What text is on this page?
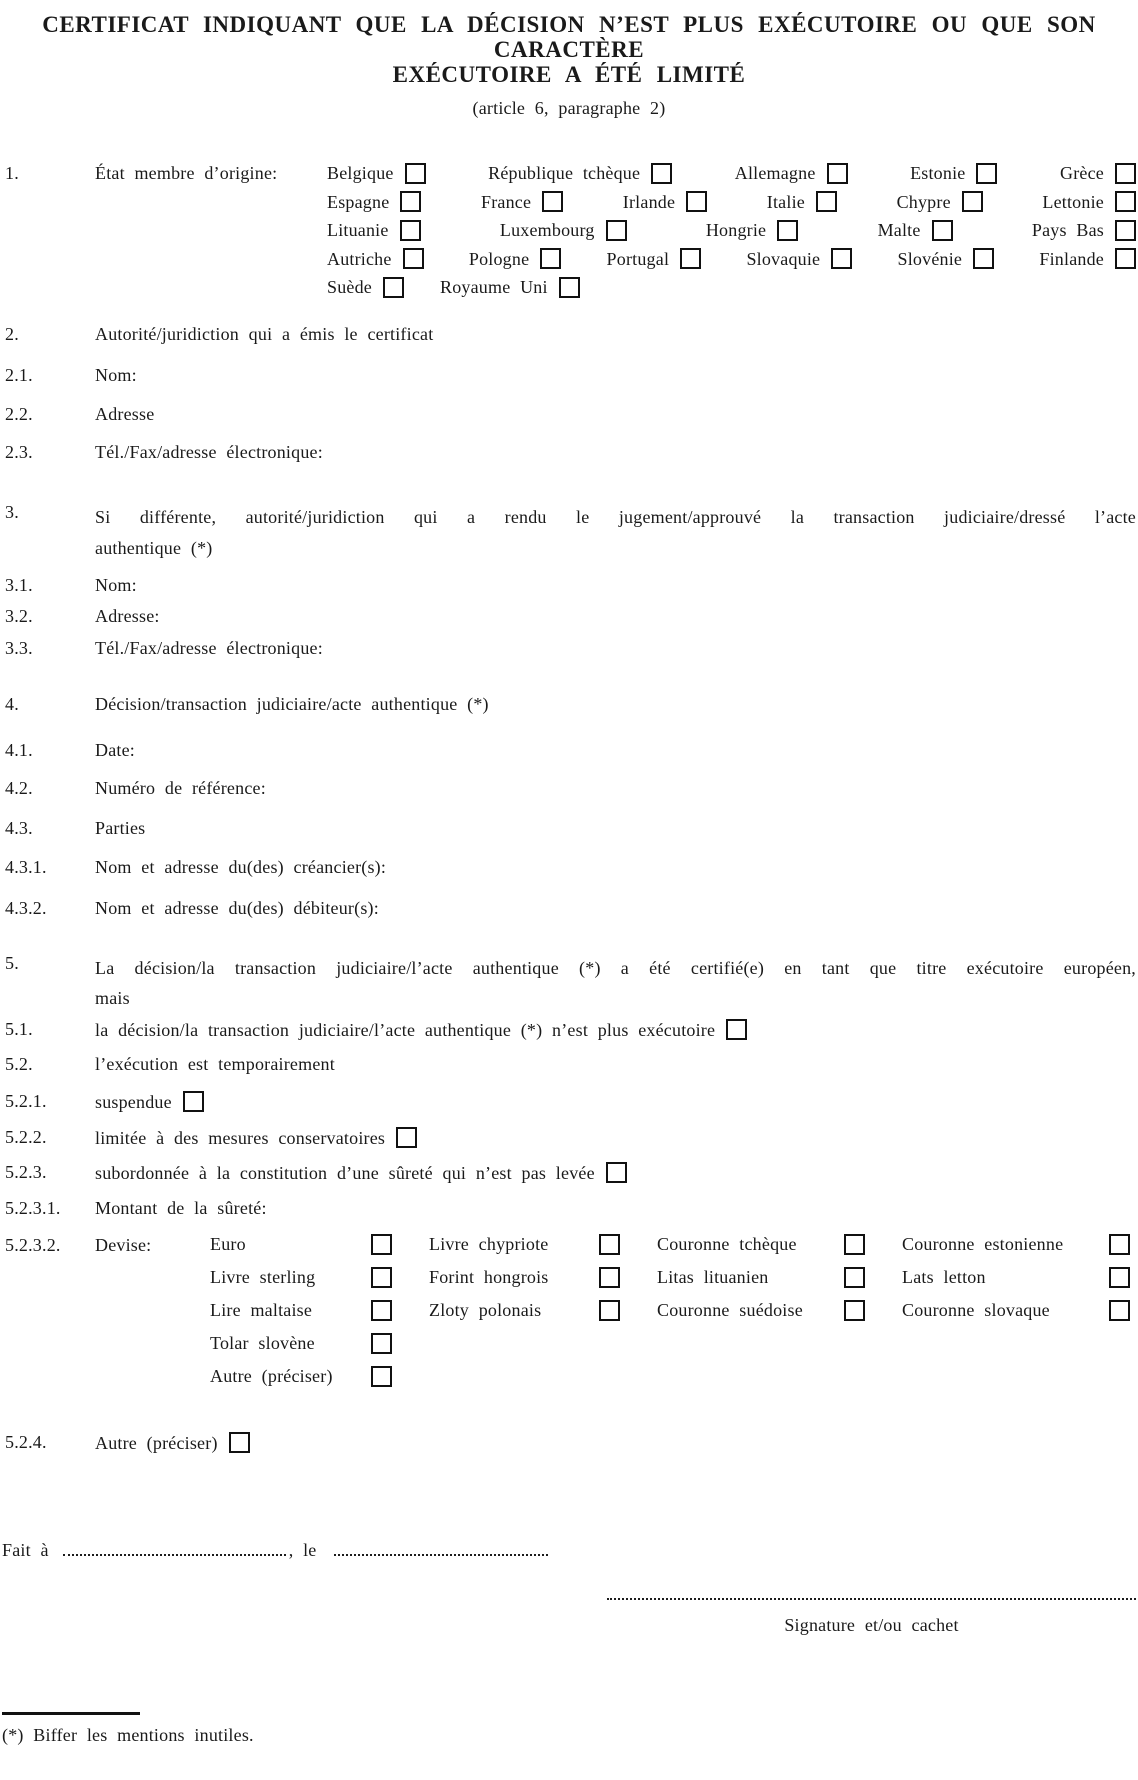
CERTIFICAT INDIQUANT QUE LA DÉCISION N’EST PLUS EXÉCUTOIRE OU QUE SON CARACTÈRE
EXÉCUTOIRE A ÉTÉ LIMITÉ
(article 6, paragraphe 2)
1.	État membre d’origine:	Belgique	République tchèque	Allemagne	Estonie	Grèce
Espagne	France	Irlande	Italie	Chypre	Lettonie
Lituanie	Luxembourg	Hongrie	Malte	Pays Bas
Autriche	Pologne	Portugal	Slovaquie	Slovénie	Finlande
Suède	Royaume Uni
2.	Autorité/juridiction qui a émis le certificat
2.1.	Nom:
2.2.	Adresse
2.3.	Tél./Fax/adresse électronique:
3.	Si différente, autorité/juridiction qui a rendu le jugement/approuvé la transaction judiciaire/dressé l’acte
authentique (*)
3.1.	Nom:
3.2.	Adresse:
3.3.	Tél./Fax/adresse électronique:
4.	Décision/transaction judiciaire/acte authentique (*)
4.1.	Date:
4.2.	Numéro de référence:
4.3.	Parties
4.3.1.	Nom et adresse du(des) créancier(s):
4.3.2.	Nom et adresse du(des) débiteur(s):
5.	La décision/la transaction judiciaire/l’acte authentique (*) a été certifié(e) en tant que titre exécutoire européen,
mais
5.1.	la décision/la transaction judiciaire/l’acte authentique (*) n’est plus exécutoire
5.2.	l’exécution est temporairement
5.2.1.	suspendue
5.2.2.	limitée à des mesures conservatoires
5.2.3.	subordonnée à la constitution d’une sûreté qui n’est pas levée
5.2.3.1.	Montant de la sûreté:
5.2.3.2.	Devise:	Euro	Livre chypriote	Couronne tchèque	Couronne estonienne
Livre sterling	Forint hongrois	Litas lituanien	Lats letton
Lire maltaise	Zloty polonais	Couronne suédoise	Couronne slovaque
Tolar slovène
Autre (préciser)
5.2.4.	Autre (préciser)
Fait à	, le
Signature et/ou cachet
(*) Biffer les mentions inutiles.
